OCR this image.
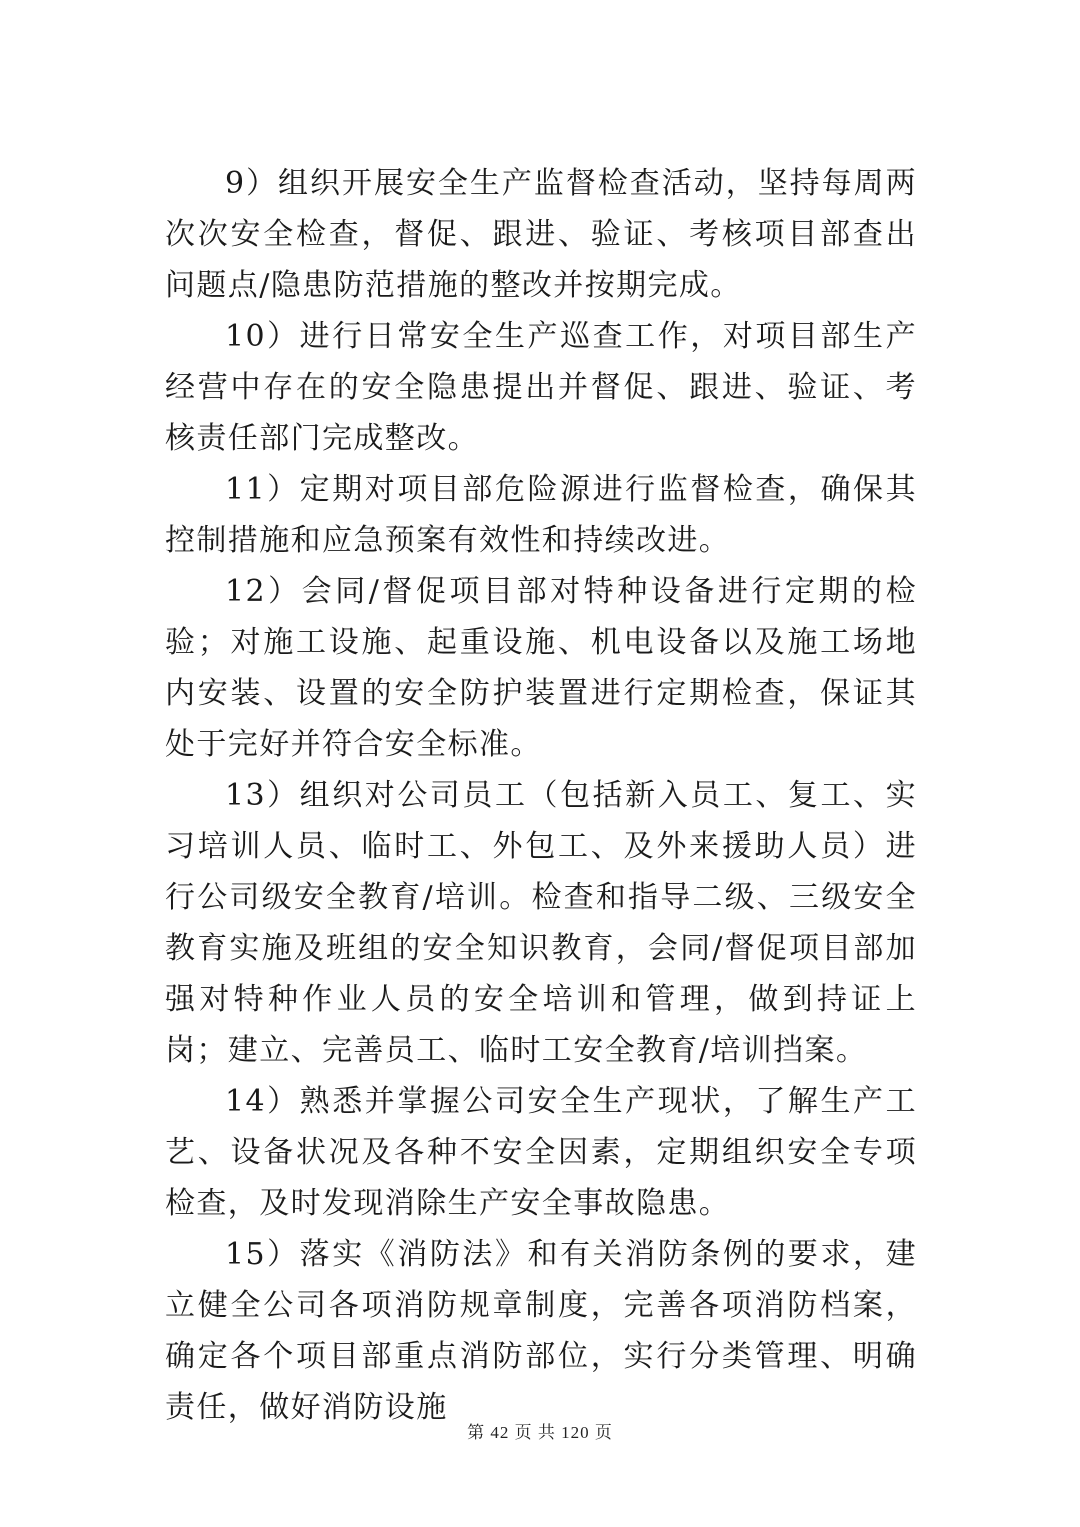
9）组织开展安全生产监督检查活动，坚持每周两次次安全检查，督促、跟进、验证、考核项目部查出问题点/隐患防范措施的整改并按期完成。

10）进行日常安全生产巡查工作，对项目部生产经营中存在的安全隐患提出并督促、跟进、验证、考核责任部门完成整改。

11）定期对项目部危险源进行监督检查，确保其控制措施和应急预案有效性和持续改进。

12）会同/督促项目部对特种设备进行定期的检验；对施工设施、起重设施、机电设备以及施工场地内安装、设置的安全防护装置进行定期检查，保证其处于完好并符合安全标准。

13）组织对公司员工（包括新入员工、复工、实习培训人员、临时工、外包工、及外来援助人员）进行公司级安全教育/培训。检查和指导二级、三级安全教育实施及班组的安全知识教育，会同/督促项目部加强对特种作业人员的安全培训和管理，做到持证上岗；建立、完善员工、临时工安全教育/培训挡案。

14）熟悉并掌握公司安全生产现状，了解生产工艺、设备状况及各种不安全因素，定期组织安全专项检查，及时发现消除生产安全事故隐患。

15）落实《消防法》和有关消防条例的要求，建立健全公司各项消防规章制度，完善各项消防档案，确定各个项目部重点消防部位，实行分类管理、明确责任，做好消防设施

第 42 页 共 120 页
